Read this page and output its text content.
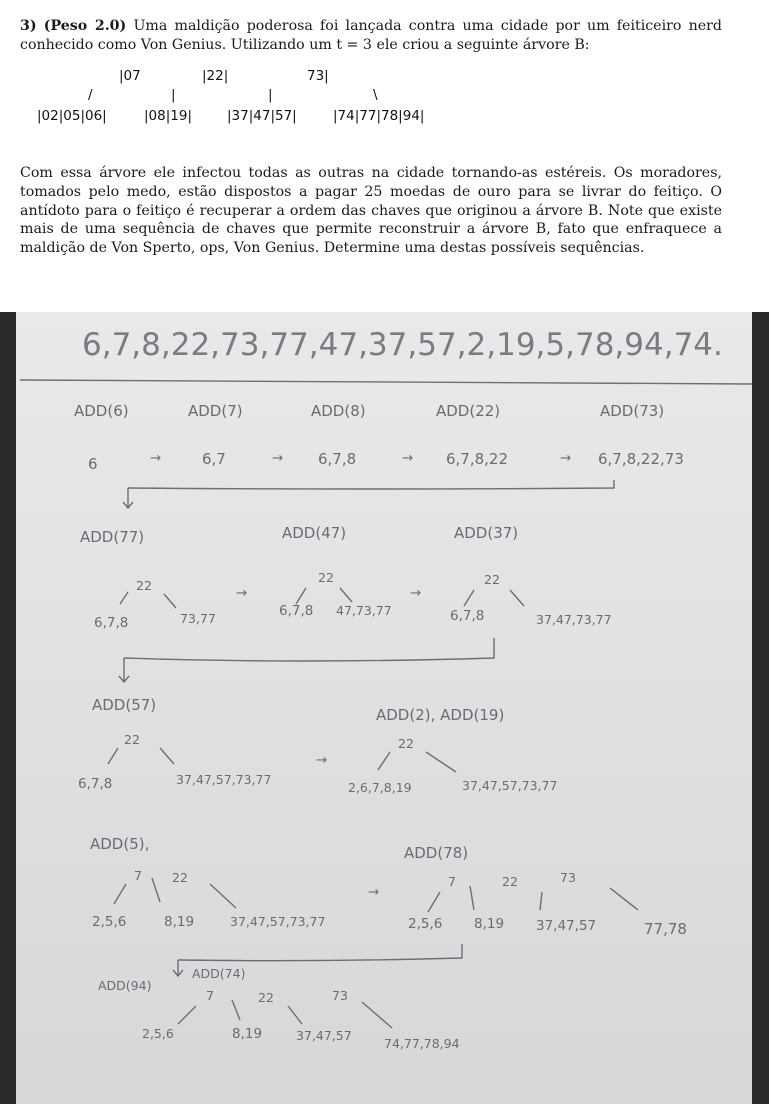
3) (Peso 2.0) Uma maldição poderosa foi lançada contra uma cidade por um feiticeiro nerd conhecido como Von Genius. Utilizando um t = 3 ele criou a seguinte árvore B:

|07	|22|	73|
/	|	|	\
|02|05|06|	|08|19|	|37|47|57|	|74|77|78|94|

Com essa árvore ele infectou todas as outras na cidade tornando-as estéreis. Os moradores, tomados pelo medo, estão dispostos a pagar 25 moedas de ouro para se livrar do feitiço. O antídoto para o feitiço é recuperar a ordem das chaves que originou a árvore B. Note que existe mais de uma sequência de chaves que permite reconstruir a árvore B, fato que enfraquece a maldição de Von Sperto, ops, Von Genius. Determine uma destas possíveis sequências.

6,7,8,22,73,77,47,37,57,2,19,5,78,94,74.
ADD(6)	ADD(7)	ADD(8)	ADD(22)	ADD(73)
6	6,7	6,7,8	6,7,8,22	6,7,8,22,73
→	→	→	→
ADD(77)	ADD(47)	ADD(37)
22
6,7,8	73,77
→
22
6,7,8 47,73,77
→
22
6,7,8	37,47,73,77
ADD(57)
22
6,7,8	37,47,57,73,77
→
ADD(2), ADD(19)
22
2,6,7,8,19	37,47,57,73,77
ADD(5),	ADD(78)
7 22
2,5,6	8,19	37,47,57,73,77
→
7	22	73
2,5,6 8,19 37,47,57	77,78
ADD(94)
ADD(74)
7	22	73
2,5,6	8,19	37,47,57
74,77,78,94
